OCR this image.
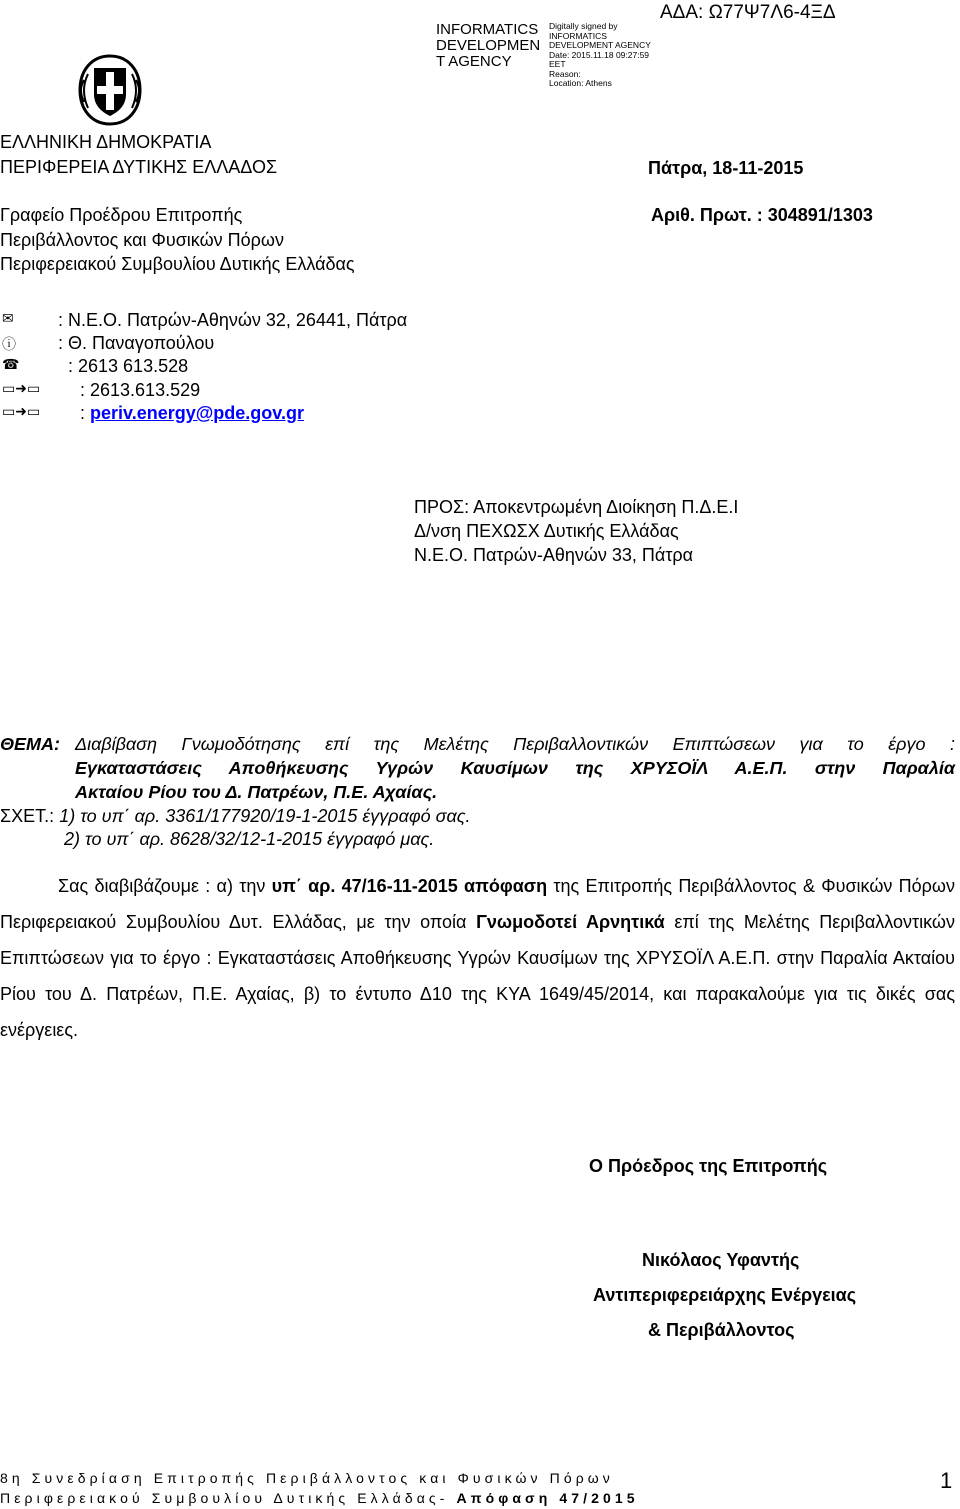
ΑΔΑ: Ω77Ψ7Λ6-4ΞΔ
INFORMATICS
DEVELOPMEN
T AGENCY
Digitally signed by
INFORMATICS
DEVELOPMENT AGENCY
Date: 2015.11.18 09:27:59
EET
Reason:
Location: Athens
ΕΛΛΗΝΙΚΗ ΔΗΜΟΚΡΑΤΙΑ
ΠΕΡΙΦΕΡΕΙΑ ΔΥΤΙΚΗΣ ΕΛΛΑΔΟΣ	Πάτρα, 18-11-2015
Γραφείο Προέδρου Επιτροπής	Αριθ. Πρωτ. : 304891/1303
Περιβάλλοντος και Φυσικών Πόρων
Περιφερειακού Συμβουλίου Δυτικής Ελλάδας
✉	: Ν.Ε.Ο. Πατρών-Αθηνών 32, 26441, Πάτρα
ⓘ	: Θ. Παναγοπούλου
☎	: 2613 613.528
▭➜▭	: 2613.613.529
▭➜▭	: periv.energy@pde.gov.gr
ΠΡΟΣ: Αποκεντρωμένη Διοίκηση Π.Δ.Ε.Ι
Δ/νση ΠΕΧΩΣΧ Δυτικής Ελλάδας
Ν.Ε.Ο. Πατρών-Αθηνών 33, Πάτρα
ΘΕΜΑ: Διαβίβαση Γνωμοδότησης επί της Μελέτης Περιβαλλοντικών Επιπτώσεων για το έργο :
Εγκαταστάσεις Αποθήκευσης Υγρών Καυσίμων της ΧΡΥΣΟΪΛ Α.Ε.Π. στην Παραλία
Ακταίου Ρίου του Δ. Πατρέων, Π.Ε. Αχαίας.
ΣΧΕΤ.: 1) το υπ΄ αρ. 3361/177920/19-1-2015 έγγραφό σας.
2) το υπ΄ αρ. 8628/32/12-1-2015 έγγραφό μας.
Σας διαβιβάζουμε : α) την υπ΄ αρ. 47/16-11-2015 απόφαση της Επιτροπής Περιβάλλοντος & Φυσικών Πόρων Περιφερειακού Συμβουλίου Δυτ. Ελλάδας, με την οποία Γνωμοδοτεί Αρνητικά επί της Μελέτης Περιβαλλοντικών Επιπτώσεων για το έργο : Εγκαταστάσεις Αποθήκευσης Υγρών Καυσίμων της ΧΡΥΣΟΪΛ Α.Ε.Π. στην Παραλία Ακταίου Ρίου του Δ. Πατρέων, Π.Ε. Αχαίας, β) το έντυπο Δ10 της ΚΥΑ 1649/45/2014, και παρακαλούμε για τις δικές σας ενέργειες.
Ο Πρόεδρος της Επιτροπής
Νικόλαος Υφαντής
Αντιπεριφερειάρχης Ενέργειας
& Περιβάλλοντος
8η Συνεδρίαση Επιτροπής Περιβάλλοντος και Φυσικών Πόρων
Περιφερειακού Συμβουλίου Δυτικής Ελλάδας- Απόφαση 47/2015
1
